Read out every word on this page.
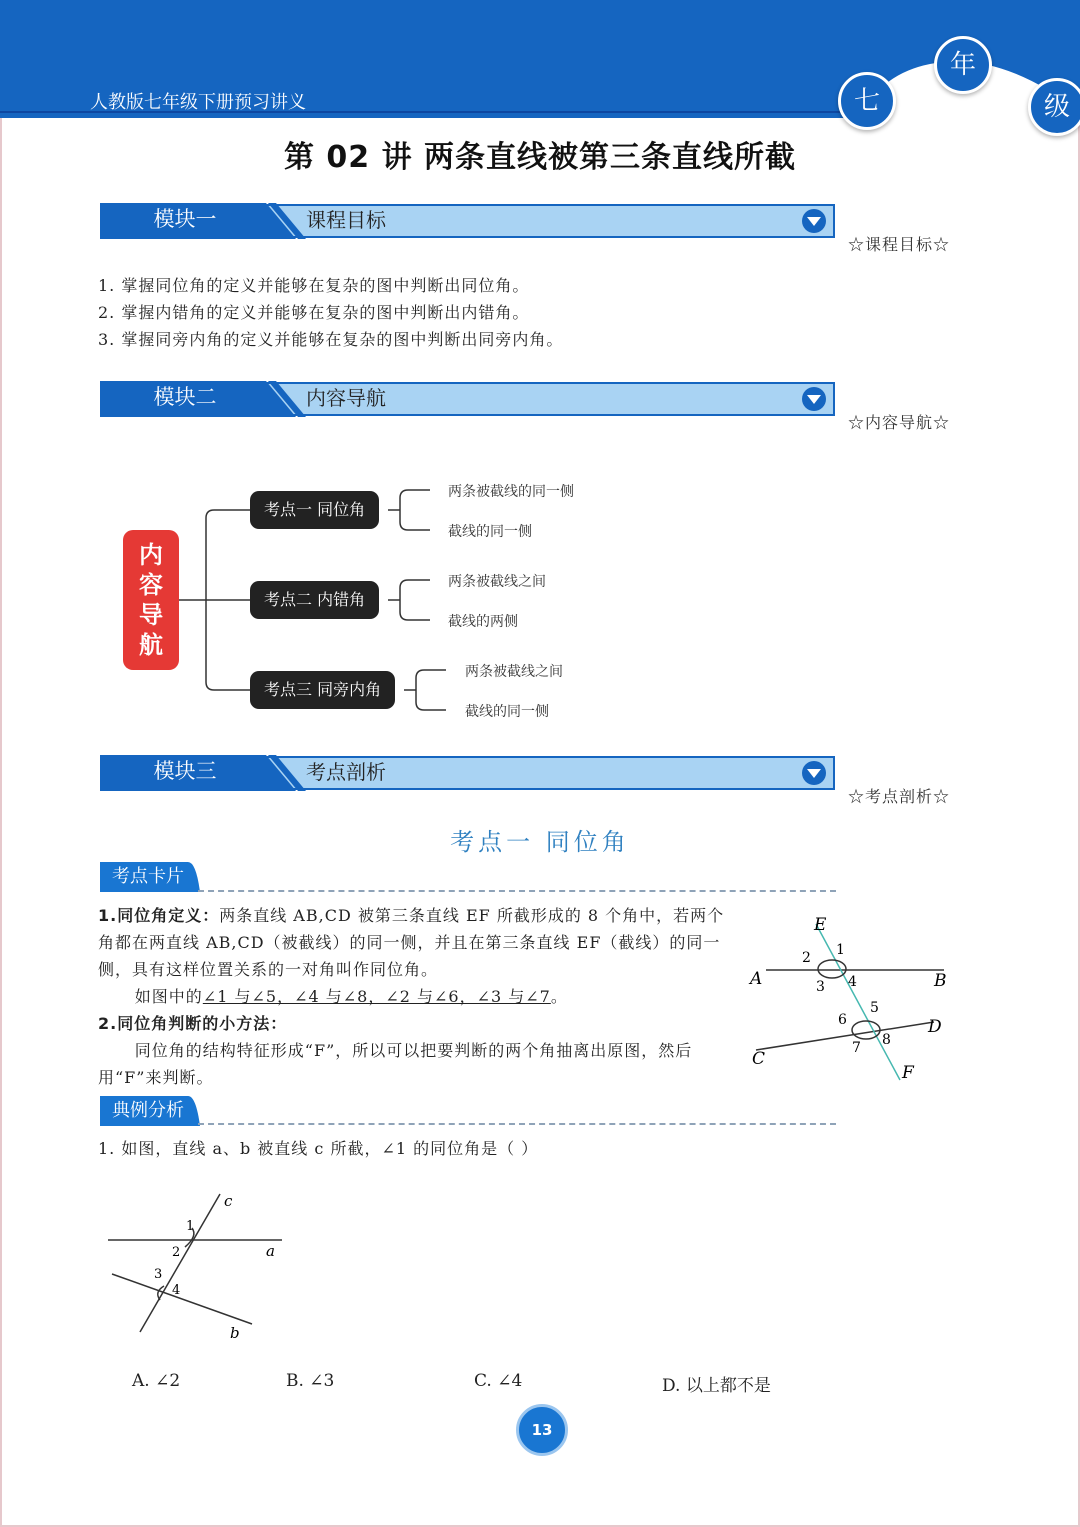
人教版七年级下册预习讲义	七
年
级
第 02 讲 两条直线被第三条直线所截
模块一	课程目标
☆课程目标☆
1. 掌握同位角的定义并能够在复杂的图中判断出同位角。
2. 掌握内错角的定义并能够在复杂的图中判断出内错角。
3. 掌握同旁内角的定义并能够在复杂的图中判断出同旁内角。
模块二	内容导航
☆内容导航☆
内
容
导
航
考点一 同位角
考点二 内错角
考点三 同旁内角
两条被截线的同一侧
截线的同一侧
两条被截线之间
截线的两侧
两条被截线之间
截线的同一侧
模块三	考点剖析
☆考点剖析☆
考点一 同位角
考点卡片

1.同位角定义：两条直线 AB,CD 被第三条直线 EF 所截形成的 8 个角中，若两个角都在两直线 AB,CD（被截线）的同一侧，并且在第三条直线 EF（截线）的同一侧，具有这样位置关系的一对角叫作同位角。

如图中的∠1 与∠5，∠4 与∠8，∠2 与∠6，∠3 与∠7。

2.同位角判断的小方法：

同位角的结构特征形成“F”，所以可以把要判断的两个角抽离出原图，然后用“F”来判断。

E
F
A	B
C
D
1
2
3 4
5
6
7 8
典例分析
1. 如图，直线 a、b 被直线 c 所截，∠1 的同位角是（ ）
c
a
b
1
2
3
4
A. ∠2	B. ∠3	C. ∠4	D. 以上都不是
13
